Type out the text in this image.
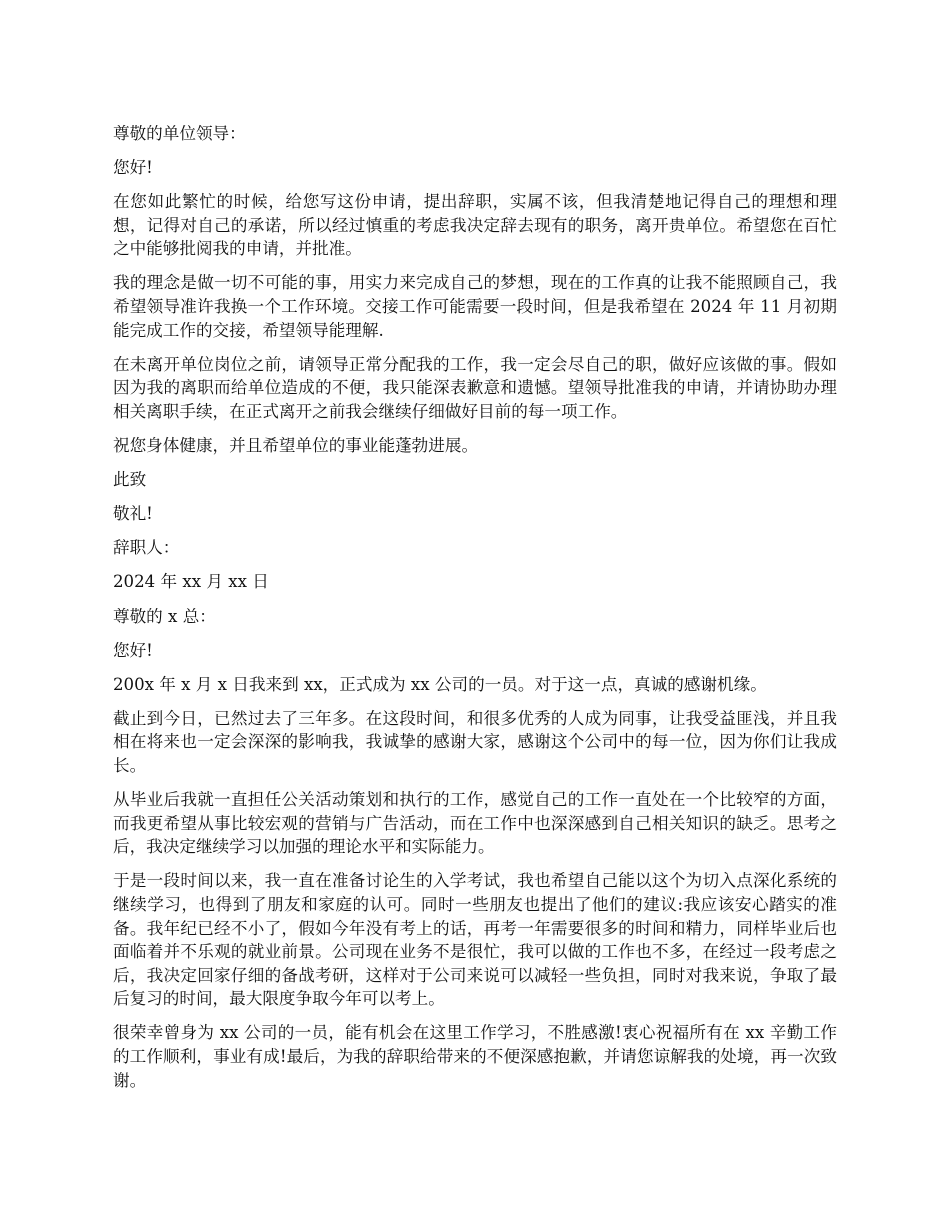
尊敬的单位领导：

您好!

在您如此繁忙的时候，给您写这份申请，提出辞职，实属不该，但我清楚地记得自己的理想和理想，记得对自己的承诺，所以经过慎重的考虑我决定辞去现有的职务，离开贵单位。希望您在百忙之中能够批阅我的申请，并批准。

我的理念是做一切不可能的事，用实力来完成自己的梦想，现在的工作真的让我不能照顾自己，我希望领导准许我换一个工作环境。交接工作可能需要一段时间，但是我希望在 2024 年 11 月初期能完成工作的交接，希望领导能理解.

在未离开单位岗位之前，请领导正常分配我的工作，我一定会尽自己的职，做好应该做的事。假如因为我的离职而给单位造成的不便，我只能深表歉意和遗憾。望领导批准我的申请，并请协助办理相关离职手续，在正式离开之前我会继续仔细做好目前的每一项工作。

祝您身体健康，并且希望单位的事业能蓬勃进展。

此致

敬礼!

辞职人：

2024 年 xx 月 xx 日

尊敬的 x 总：

您好!

200x 年 x 月 x 日我来到 xx，正式成为 xx 公司的一员。对于这一点，真诚的感谢机缘。

截止到今日，已然过去了三年多。在这段时间，和很多优秀的人成为同事，让我受益匪浅，并且我相在将来也一定会深深的影响我，我诚挚的感谢大家，感谢这个公司中的每一位，因为你们让我成长。

从毕业后我就一直担任公关活动策划和执行的工作，感觉自己的工作一直处在一个比较窄的方面，而我更希望从事比较宏观的营销与广告活动，而在工作中也深深感到自己相关知识的缺乏。思考之后，我决定继续学习以加强的理论水平和实际能力。

于是一段时间以来，我一直在准备讨论生的入学考试，我也希望自己能以这个为切入点深化系统的继续学习，也得到了朋友和家庭的认可。同时一些朋友也提出了他们的建议:我应该安心踏实的准备。我年纪已经不小了，假如今年没有考上的话，再考一年需要很多的时间和精力，同样毕业后也面临着并不乐观的就业前景。公司现在业务不是很忙，我可以做的工作也不多，在经过一段考虑之后，我决定回家仔细的备战考研，这样对于公司来说可以减轻一些负担，同时对我来说，争取了最后复习的时间，最大限度争取今年可以考上。

很荣幸曾身为 xx 公司的一员，能有机会在这里工作学习，不胜感激!衷心祝福所有在 xx 辛勤工作的工作顺利，事业有成!最后，为我的辞职给带来的不便深感抱歉，并请您谅解我的处境，再一次致谢。
